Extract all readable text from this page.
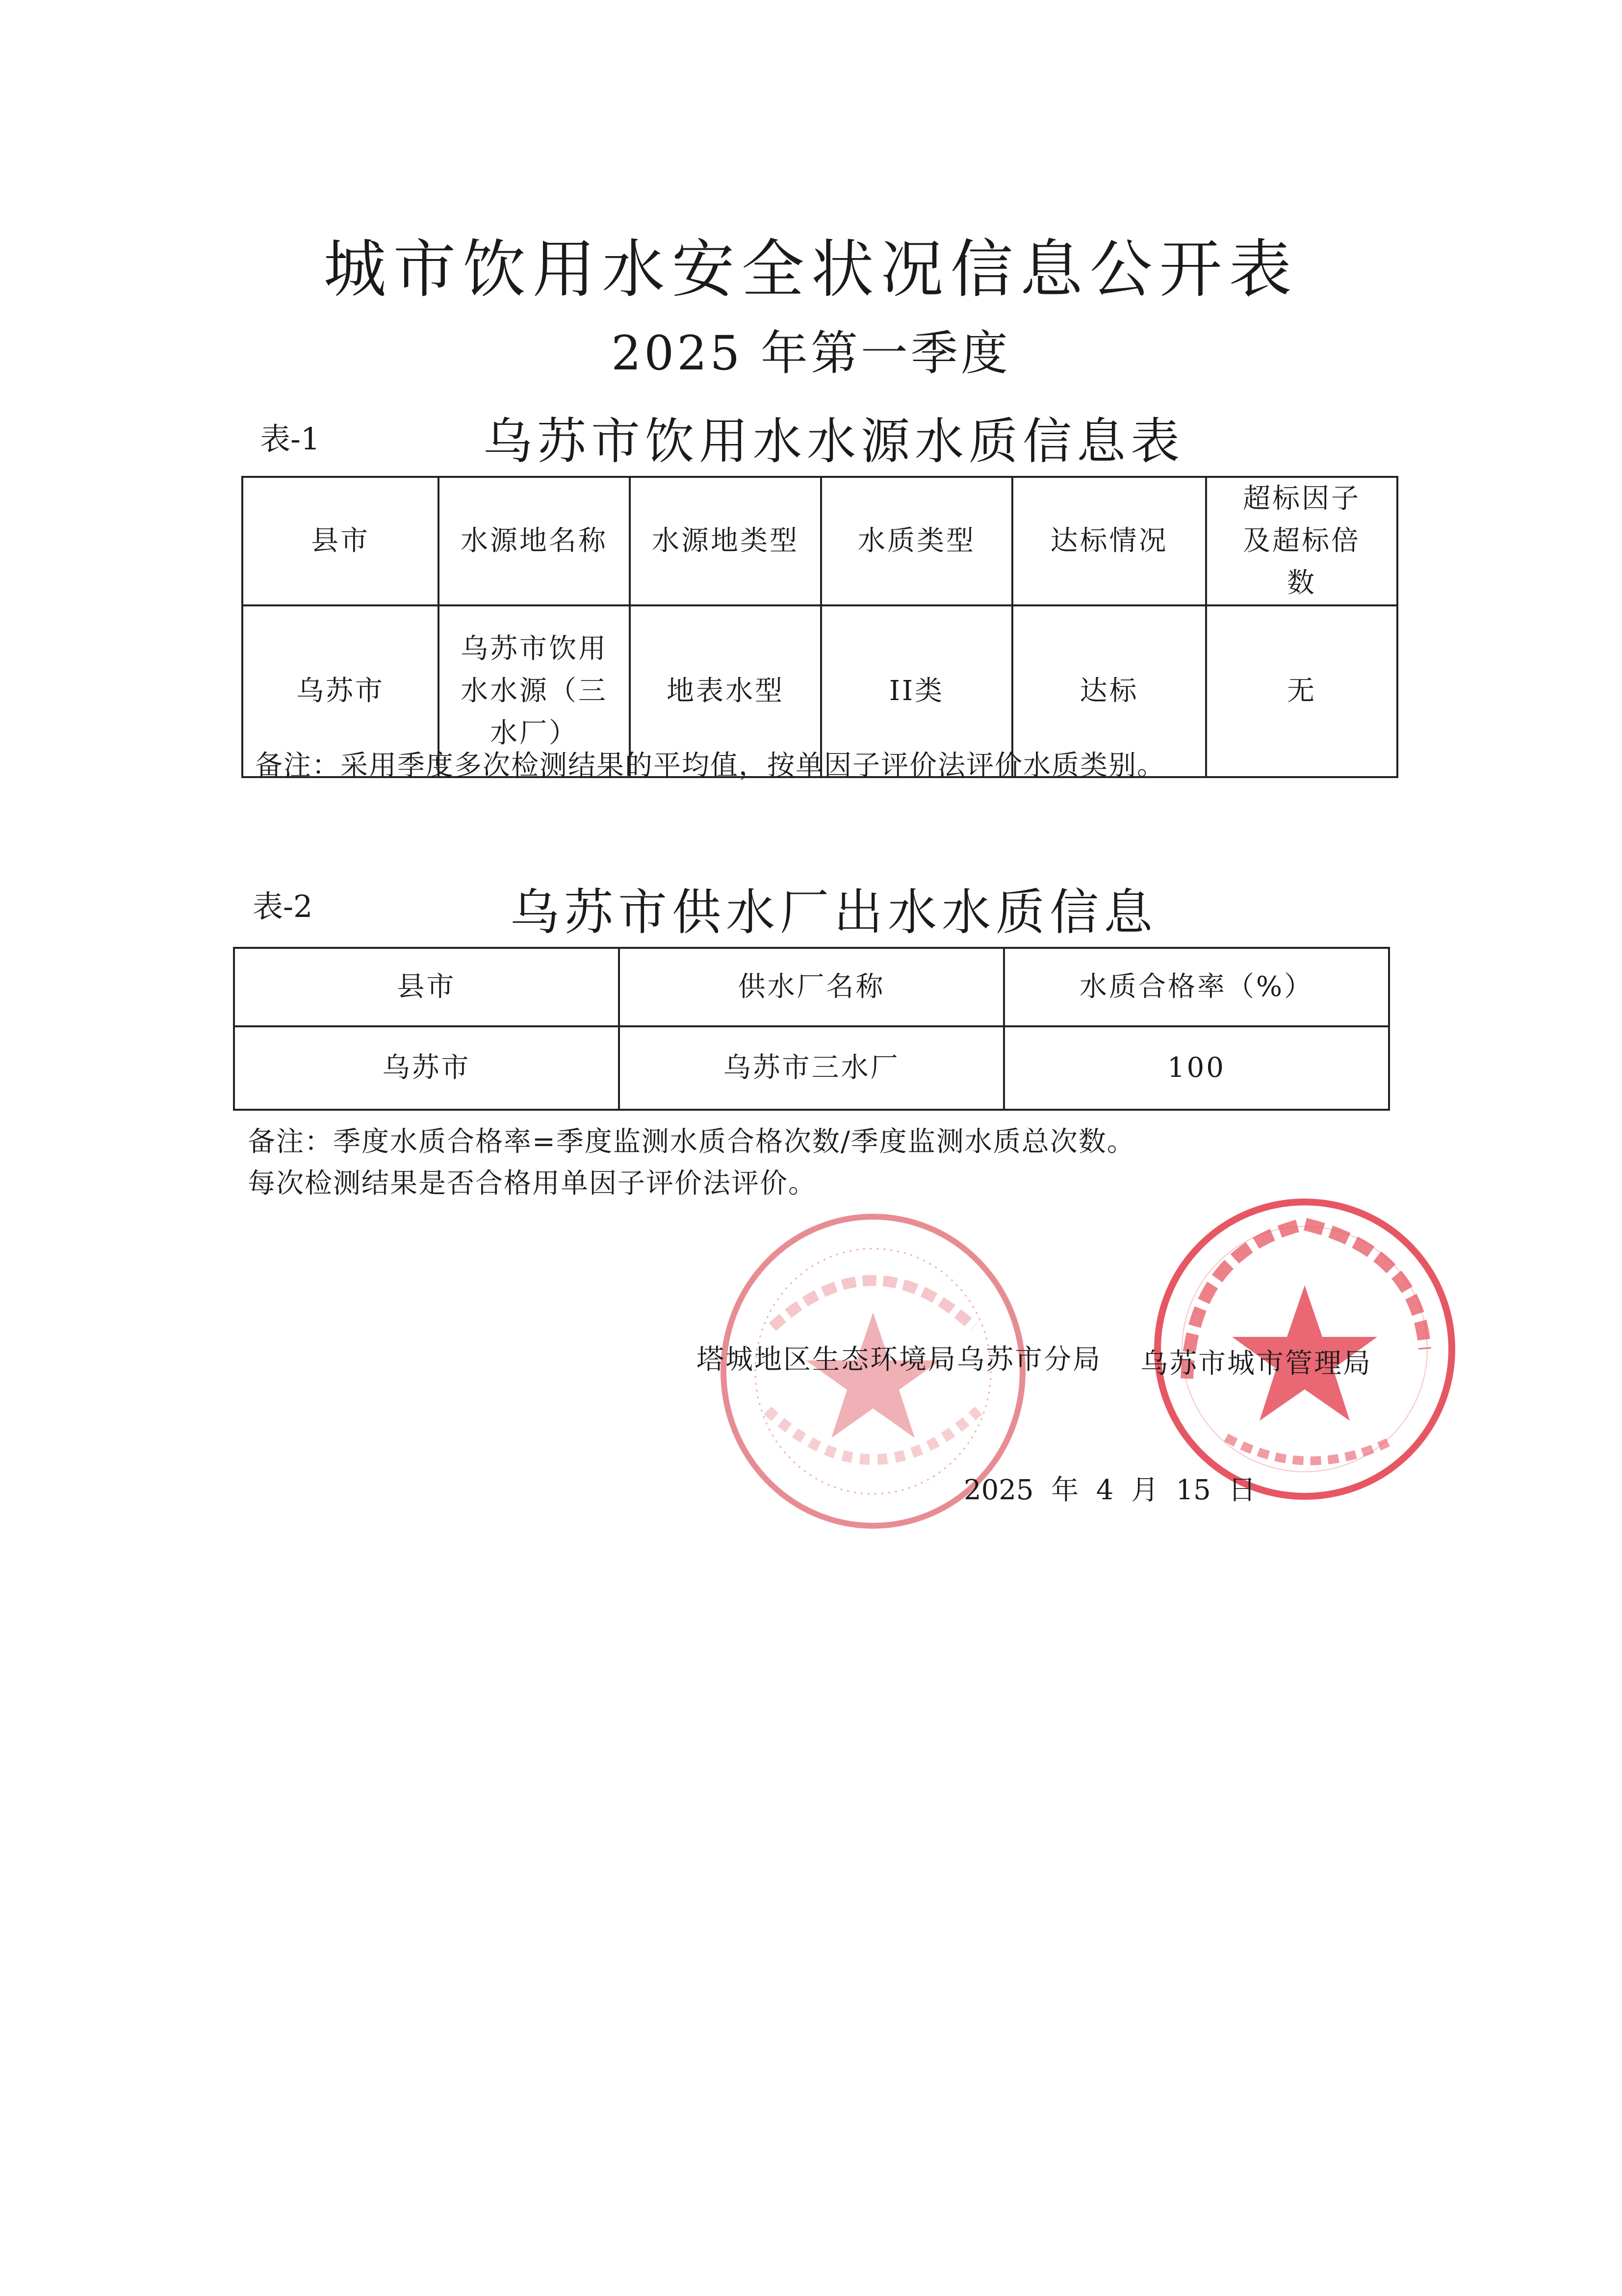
城市饮用水安全状况信息公开表
2025 年第一季度
表-1	乌苏市饮用水水源水质信息表
县市	水源地名称	水源地类型	水质类型	达标情况	超标因子及超标倍数
乌苏市	乌苏市饮用水水源（三水厂）	地表水型	II类	达标	无
备注：采用季度多次检测结果的平均值，按单因子评价法评价水质类别。
表-2	乌苏市供水厂出水水质信息
县市	供水厂名称	水质合格率（%）
乌苏市	乌苏市三水厂	100
备注：季度水质合格率=季度监测水质合格次数/季度监测水质总次数。
每次检测结果是否合格用单因子评价法评价。
塔城地区生态环境局乌苏市分局 乌苏市城市管理局
2025  年  4  月  15  日
